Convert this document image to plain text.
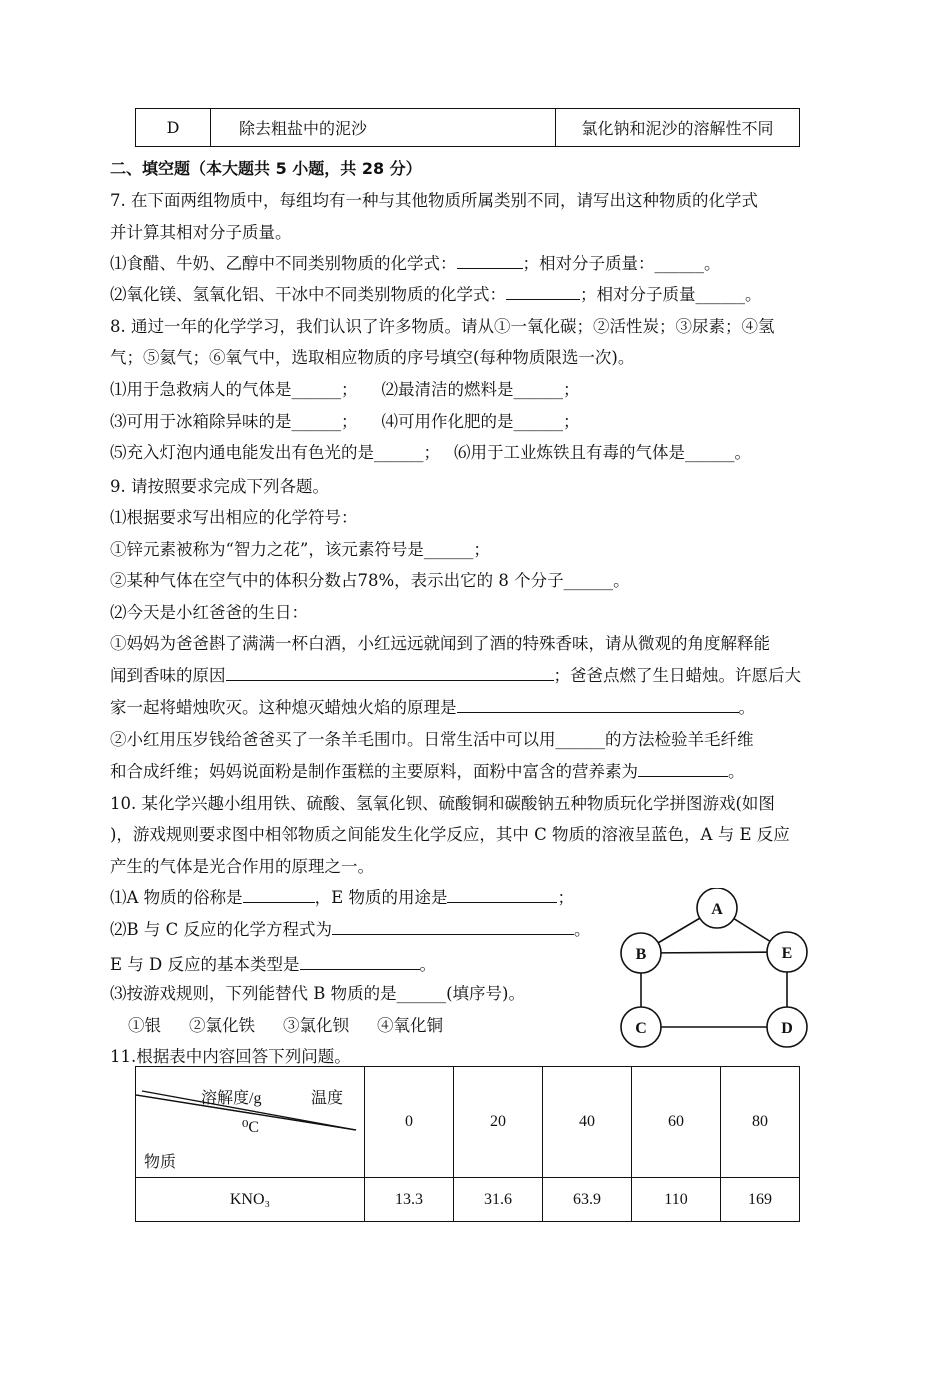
D	除去粗盐中的泥沙	氯化钠和泥沙的溶解性不同
二、填空题（本大题共 5 小题，共 28 分）
7. 在下面两组物质中，每组均有一种与其他物质所属类别不同，请写出这种物质的化学式
并计算其相对分子质量。
⑴食醋、牛奶、乙醇中不同类别物质的化学式：	；相对分子质量：______。
⑵氧化镁、氢氧化铝、干冰中不同类别物质的化学式：	；相对分子质量______。
8. 通过一年的化学学习，我们认识了许多物质。请从①一氧化碳；②活性炭；③尿素；④氢
气；⑤氦气；⑥氧气中，选取相应物质的序号填空(每种物质限选一次)。
⑴用于急救病人的气体是______； ⑵最清洁的燃料是______；
⑶可用于冰箱除异味的是______； ⑷可用作化肥的是______；
⑸充入灯泡内通电能发出有色光的是______； ⑹用于工业炼铁且有毒的气体是______。
9. 请按照要求完成下列各题。
⑴根据要求写出相应的化学符号：
①锌元素被称为“智力之花”，该元素符号是______；
②某种气体在空气中的体积分数占78%，表示出它的 8 个分子______。
⑵今天是小红爸爸的生日：
①妈妈为爸爸斟了满满一杯白酒，小红远远就闻到了酒的特殊香味，请从微观的角度解释能
闻到香味的原因	；爸爸点燃了生日蜡烛。许愿后大
家一起将蜡烛吹灭。这种熄灭蜡烛火焰的原理是	。
②小红用压岁钱给爸爸买了一条羊毛围巾。日常生活中可以用______的方法检验羊毛纤维
和合成纤维；妈妈说面粉是制作蛋糕的主要原料，面粉中富含的营养素为	。
10. 某化学兴趣小组用铁、硫酸、氢氧化钡、硫酸铜和碳酸钠五种物质玩化学拼图游戏(如图
)，游戏规则要求图中相邻物质之间能发生化学反应，其中 C 物质的溶液呈蓝色，A 与 E 反应
产生的气体是光合作用的原理之一。
⑴A 物质的俗称是	，E 物质的用途是	；
⑵B 与 C 反应的化学方程式为	。
E 与 D 反应的基本类型是	。
⑶按游戏规则，下列能替代 B 物质的是______(填序号)。
①银 ②氯化铁 ③氯化钡 ④氧化铜
A
B	E
C	D
11.根据表中内容回答下列问题。
溶解度/g 温度
⁰C
物质	0	20	40	60	80
KNO₃	13.3	31.6	63.9	110	169
